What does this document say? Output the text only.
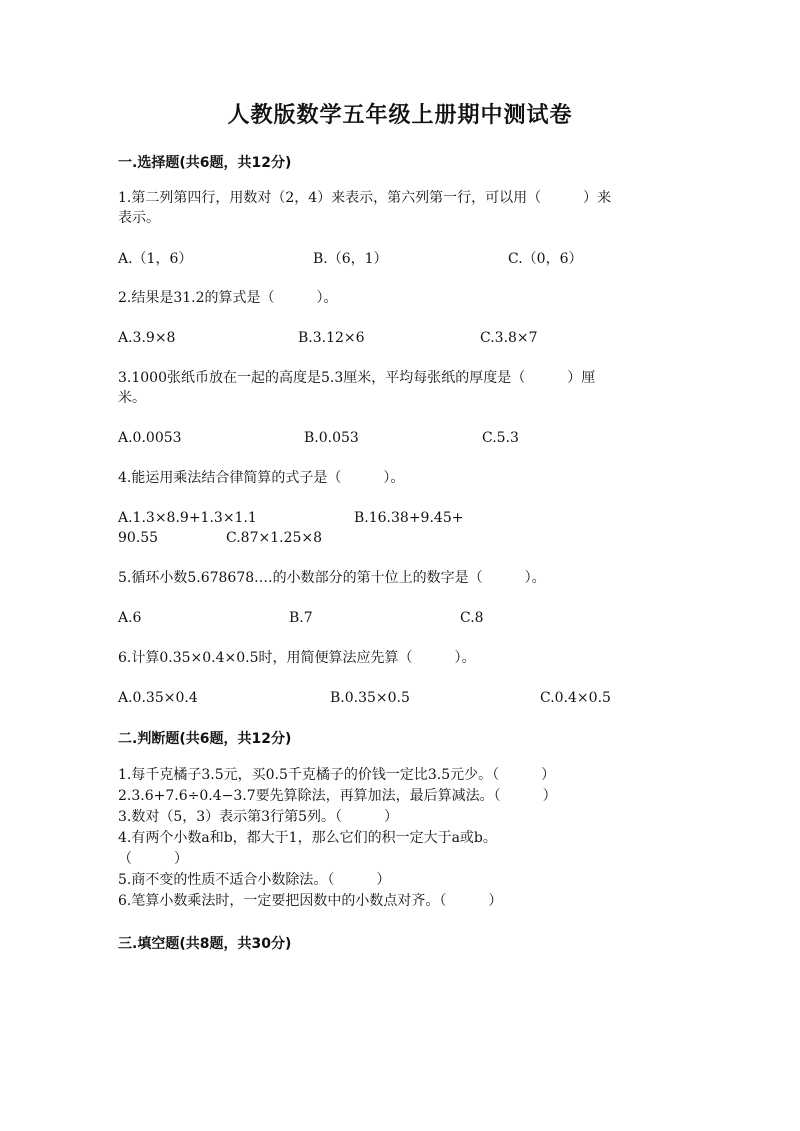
人教版数学五年级上册期中测试卷
一.选择题(共6题，共12分)
1.第二列第四行，用数对（2，4）来表示，第六列第一行，可以用（　　　）来
表示。
A.（1，6）	B.（6，1）	C.（0，6）
2.结果是31.2的算式是（　　　）。
A.3.9×8	B.3.12×6	C.3.8×7
3.1000张纸币放在一起的高度是5.3厘米，平均每张纸的厚度是（　　　）厘
米。
A.0.0053	B.0.053	C.5.3
4.能运用乘法结合律简算的式子是（　　　）。
A.1.3×8.9+1.3×1.1	B.16.38+9.45+
90.55	C.87×1.25×8
5.循环小数5.678678.…的小数部分的第十位上的数字是（　　　）。
A.6	B.7	C.8
6.计算0.35×0.4×0.5时，用简便算法应先算（　　　）。
A.0.35×0.4	B.0.35×0.5	C.0.4×0.5
二.判断题(共6题，共12分)
1.每千克橘子3.5元，买0.5千克橘子的价钱一定比3.5元少。（　　　）
2.3.6+7.6÷0.4−3.7要先算除法，再算加法，最后算减法。（　　　）
3.数对（5，3）表示第3行第5列。（　　　）
4.有两个小数a和b，都大于1，那么它们的积一定大于a或b。
（　　　）
5.商不变的性质不适合小数除法。（　　　）
6.笔算小数乘法时，一定要把因数中的小数点对齐。（　　　）
三.填空题(共8题，共30分)
